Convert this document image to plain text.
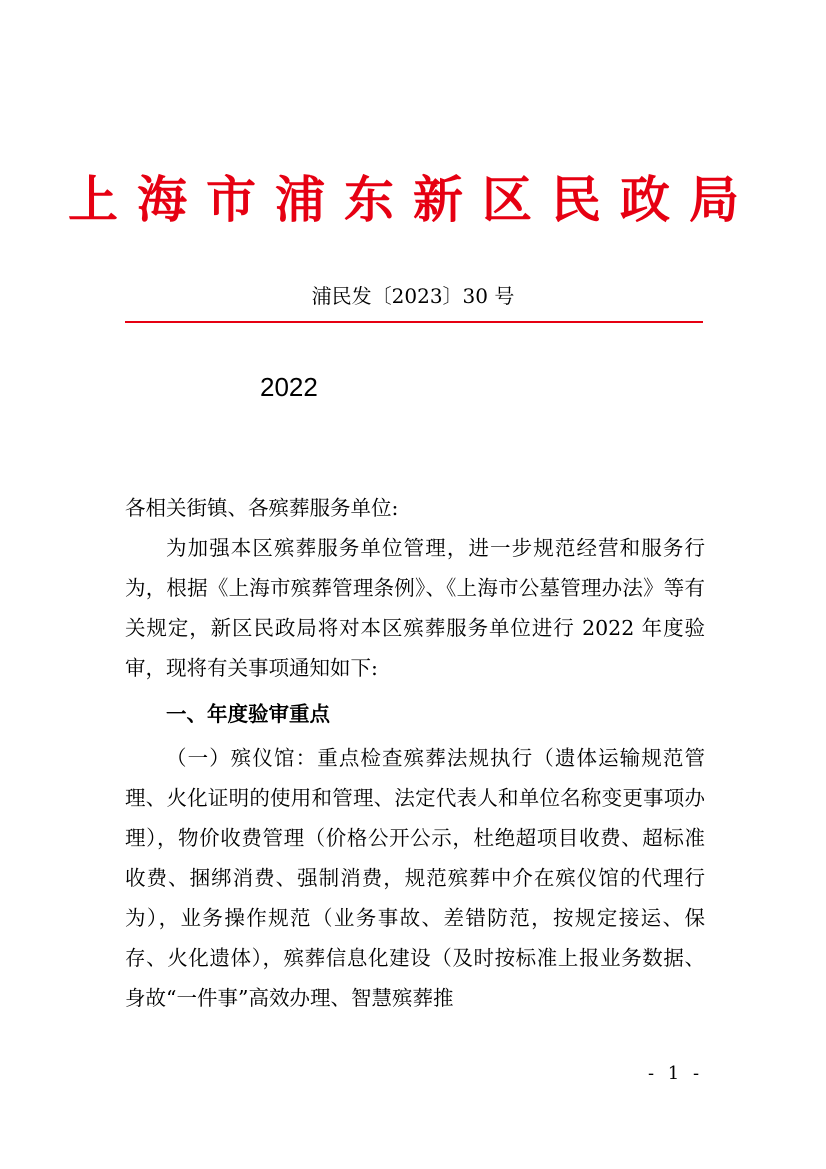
上海市浦东新区民政局
浦民发〔2023〕30 号
2022

各相关街镇、各殡葬服务单位:

为加强本区殡葬服务单位管理，进一步规范经营和服务行为，根据《上海市殡葬管理条例》、《上海市公墓管理办法》等有关规定，新区民政局将对本区殡葬服务单位进行 2022 年度验审，现将有关事项通知如下:

一、年度验审重点

（一）殡仪馆：重点检查殡葬法规执行（遗体运输规范管理、火化证明的使用和管理、法定代表人和单位名称变更事项办理），物价收费管理（价格公开公示，杜绝超项目收费、超标准收费、捆绑消费、强制消费，规范殡葬中介在殡仪馆的代理行为），业务操作规范（业务事故、差错防范，按规定接运、保存、火化遗体），殡葬信息化建设（及时按标准上报业务数据、身故“一件事”高效办理、智慧殡葬推

- 1 -
